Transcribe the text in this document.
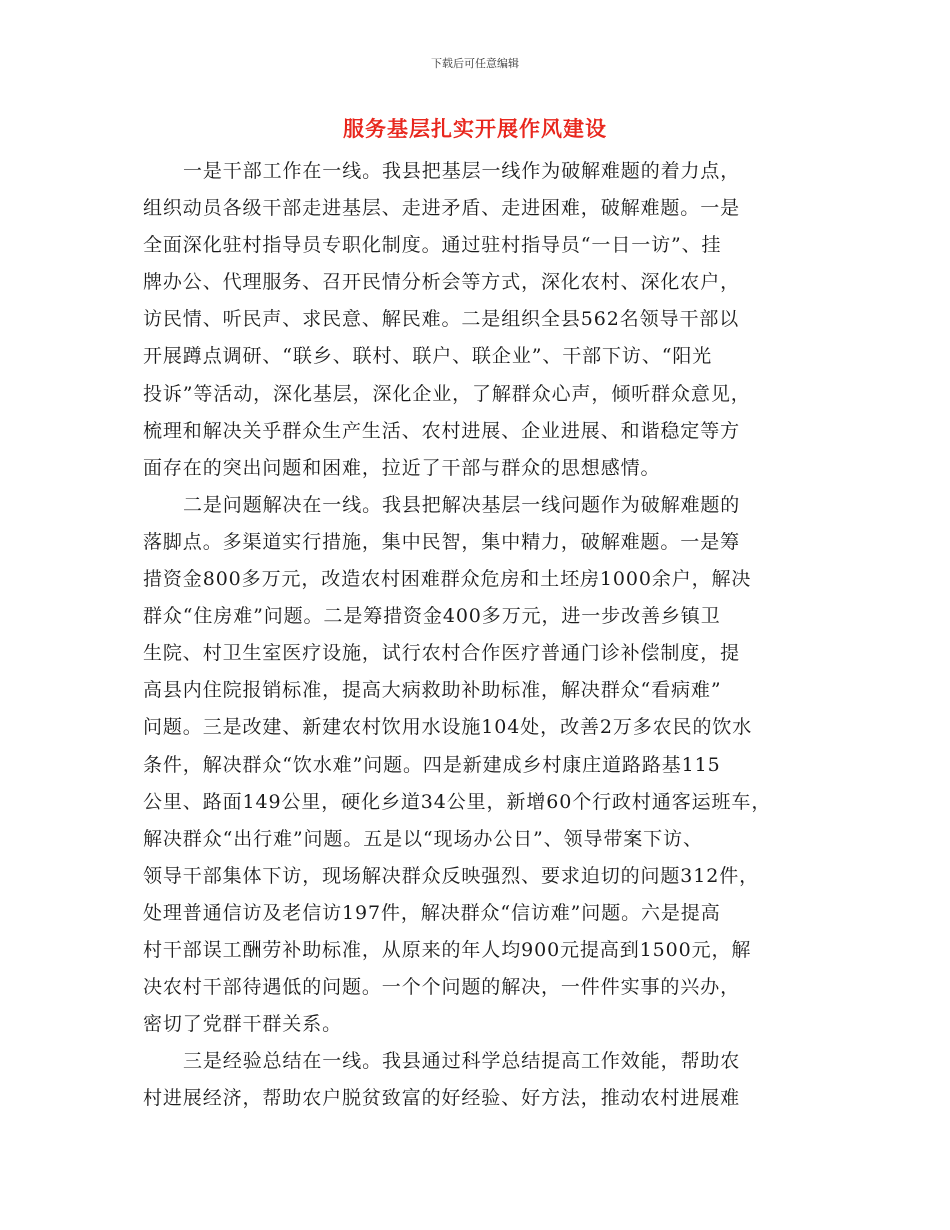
下载后可任意编辑
服务基层扎实开展作风建设
一是干部工作在一线。我县把基层一线作为破解难题的着力点，
组织动员各级干部走进基层、走进矛盾、走进困难，破解难题。一是
全面深化驻村指导员专职化制度。通过驻村指导员“一日一访”、挂
牌办公、代理服务、召开民情分析会等方式，深化农村、深化农户，
访民情、听民声、求民意、解民难。二是组织全县562名领导干部以
开展蹲点调研、“联乡、联村、联户、联企业”、干部下访、“阳光
投诉”等活动，深化基层，深化企业，了解群众心声，倾听群众意见，
梳理和解决关乎群众生产生活、农村进展、企业进展、和谐稳定等方
面存在的突出问题和困难，拉近了干部与群众的思想感情。
二是问题解决在一线。我县把解决基层一线问题作为破解难题的
落脚点。多渠道实行措施，集中民智，集中精力，破解难题。一是筹
措资金800多万元，改造农村困难群众危房和土坯房1000余户，解决
群众“住房难”问题。二是筹措资金400多万元，进一步改善乡镇卫
生院、村卫生室医疗设施，试行农村合作医疗普通门诊补偿制度，提
高县内住院报销标准，提高大病救助补助标准，解决群众“看病难”
问题。三是改建、新建农村饮用水设施104处，改善2万多农民的饮水
条件，解决群众“饮水难”问题。四是新建成乡村康庄道路路基115
公里、路面149公里，硬化乡道34公里，新增60个行政村通客运班车，
解决群众“出行难”问题。五是以“现场办公日”、领导带案下访、
领导干部集体下访，现场解决群众反映强烈、要求迫切的问题312件，
处理普通信访及老信访197件，解决群众“信访难”问题。六是提高
村干部误工酬劳补助标准，从原来的年人均900元提高到1500元，解
决农村干部待遇低的问题。一个个问题的解决，一件件实事的兴办，
密切了党群干群关系。
三是经验总结在一线。我县通过科学总结提高工作效能，帮助农
村进展经济，帮助农户脱贫致富的好经验、好方法，推动农村进展难
